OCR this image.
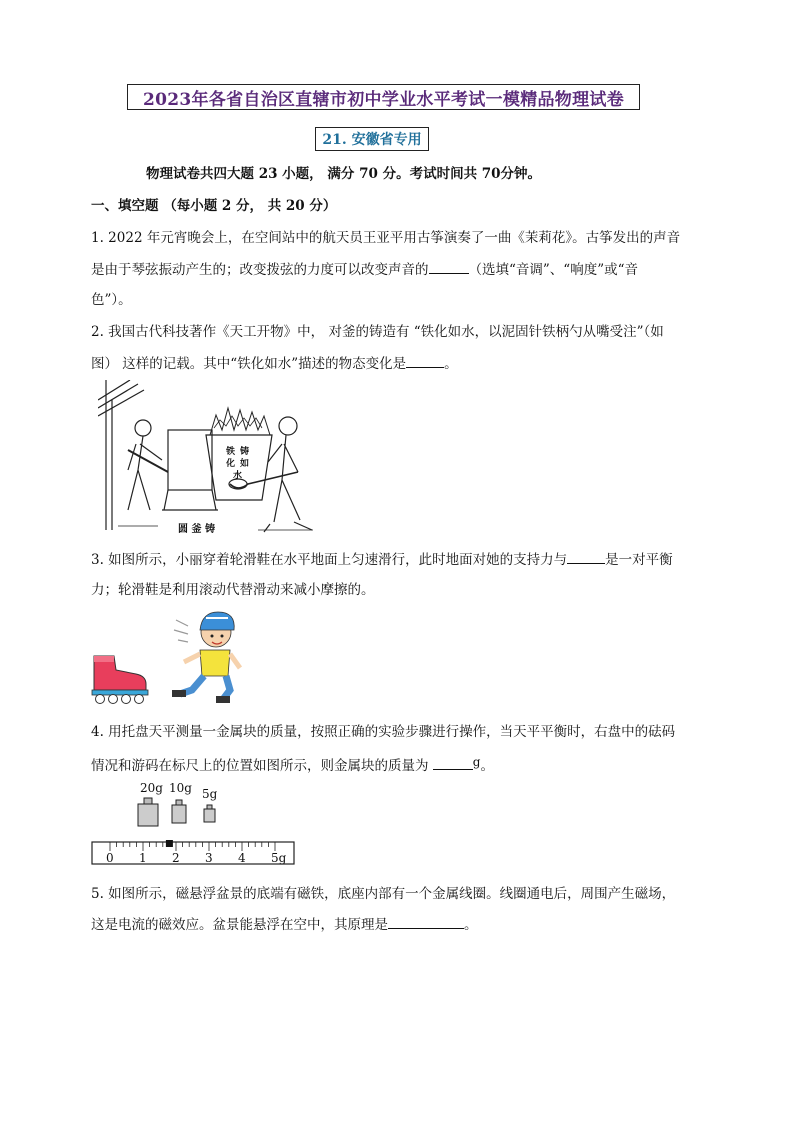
2023年各省自治区直辖市初中学业水平考试一模精品物理试卷
21. 安徽省专用
物理试卷共四大题 23 小题， 满分 70 分。考试时间共 70分钟。
一、填空题 （每小题 2 分， 共 20 分）
1. 2022 年元宵晚会上，在空间站中的航天员王亚平用古筝演奏了一曲《茉莉花》。古筝发出的声音
是由于琴弦振动产生的；改变拨弦的力度可以改变声音的	（选填“音调”、“响度”或“音
色”）。
2. 我国古代科技著作《天工开物》中， 对釜的铸造有 “铁化如水，以泥固针铁柄勺从嘴受注”（如
图） 这样的记载。其中“铁化如水”描述的物态变化是	。
铁 铸
化 如
水
圆 釜 铸
3. 如图所示，小丽穿着轮滑鞋在水平地面上匀速滑行，此时地面对她的支持力与	是一对平衡
力；轮滑鞋是利用滚动代替滑动来减小摩擦的。
4. 用托盘天平测量一金属块的质量，按照正确的实验步骤进行操作，当天平平衡时，右盘中的砝码
情况和游码在标尺上的位置如图所示，则金属块的质量为	g。
20g 10g 5g
0 1 2 3 4 5g
5. 如图所示，磁悬浮盆景的底端有磁铁，底座内部有一个金属线圈。线圈通电后，周围产生磁场，
这是电流的磁效应。盆景能悬浮在空中，其原理是	。
